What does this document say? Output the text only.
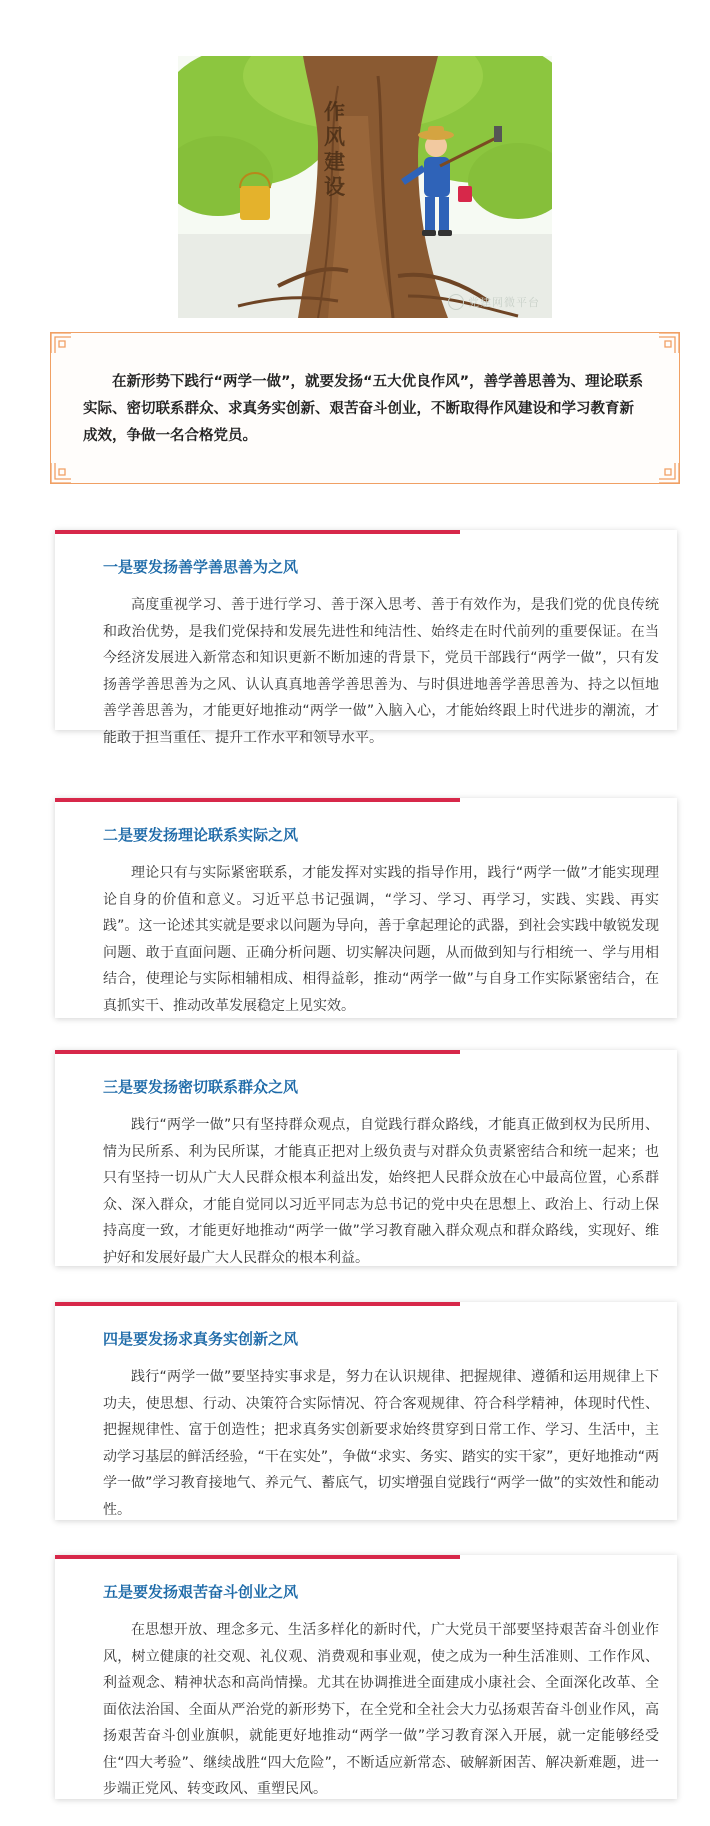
作风建设
党建网微平台

在新形势下践行“两学一做”，就要发扬“五大优良作风”，善学善思善为、理论联系实际、密切联系群众、求真务实创新、艰苦奋斗创业，不断取得作风建设和学习教育新成效，争做一名合格党员。

一是要发扬善学善思善为之风

高度重视学习、善于进行学习、善于深入思考、善于有效作为，是我们党的优良传统和政治优势，是我们党保持和发展先进性和纯洁性、始终走在时代前列的重要保证。在当今经济发展进入新常态和知识更新不断加速的背景下，党员干部践行“两学一做”，只有发扬善学善思善为之风、认认真真地善学善思善为、与时俱进地善学善思善为、持之以恒地善学善思善为，才能更好地推动“两学一做”入脑入心，才能始终跟上时代进步的潮流，才能敢于担当重任、提升工作水平和领导水平。

二是要发扬理论联系实际之风

理论只有与实际紧密联系，才能发挥对实践的指导作用，践行“两学一做”才能实现理论自身的价值和意义。习近平总书记强调，“学习、学习、再学习，实践、实践、再实践”。这一论述其实就是要求以问题为导向，善于拿起理论的武器，到社会实践中敏锐发现问题、敢于直面问题、正确分析问题、切实解决问题，从而做到知与行相统一、学与用相结合，使理论与实际相辅相成、相得益彰，推动“两学一做”与自身工作实际紧密结合，在真抓实干、推动改革发展稳定上见实效。

三是要发扬密切联系群众之风

践行“两学一做”只有坚持群众观点，自觉践行群众路线，才能真正做到权为民所用、情为民所系、利为民所谋，才能真正把对上级负责与对群众负责紧密结合和统一起来；也只有坚持一切从广大人民群众根本利益出发，始终把人民群众放在心中最高位置，心系群众、深入群众，才能自觉同以习近平同志为总书记的党中央在思想上、政治上、行动上保持高度一致，才能更好地推动“两学一做”学习教育融入群众观点和群众路线，实现好、维护好和发展好最广大人民群众的根本利益。

四是要发扬求真务实创新之风

践行“两学一做”要坚持实事求是，努力在认识规律、把握规律、遵循和运用规律上下功夫，使思想、行动、决策符合实际情况、符合客观规律、符合科学精神，体现时代性、把握规律性、富于创造性；把求真务实创新要求始终贯穿到日常工作、学习、生活中，主动学习基层的鲜活经验，“干在实处”，争做“求实、务实、踏实的实干家”，更好地推动“两学一做”学习教育接地气、养元气、蓄底气，切实增强自觉践行“两学一做”的实效性和能动性。

五是要发扬艰苦奋斗创业之风

在思想开放、理念多元、生活多样化的新时代，广大党员干部要坚持艰苦奋斗创业作风，树立健康的社交观、礼仪观、消费观和事业观，使之成为一种生活准则、工作作风、利益观念、精神状态和高尚情操。尤其在协调推进全面建成小康社会、全面深化改革、全面依法治国、全面从严治党的新形势下，在全党和全社会大力弘扬艰苦奋斗创业作风，高扬艰苦奋斗创业旗帜，就能更好地推动“两学一做”学习教育深入开展，就一定能够经受住“四大考验”、继续战胜“四大危险”，不断适应新常态、破解新困苦、解决新难题，进一步端正党风、转变政风、重塑民风。
